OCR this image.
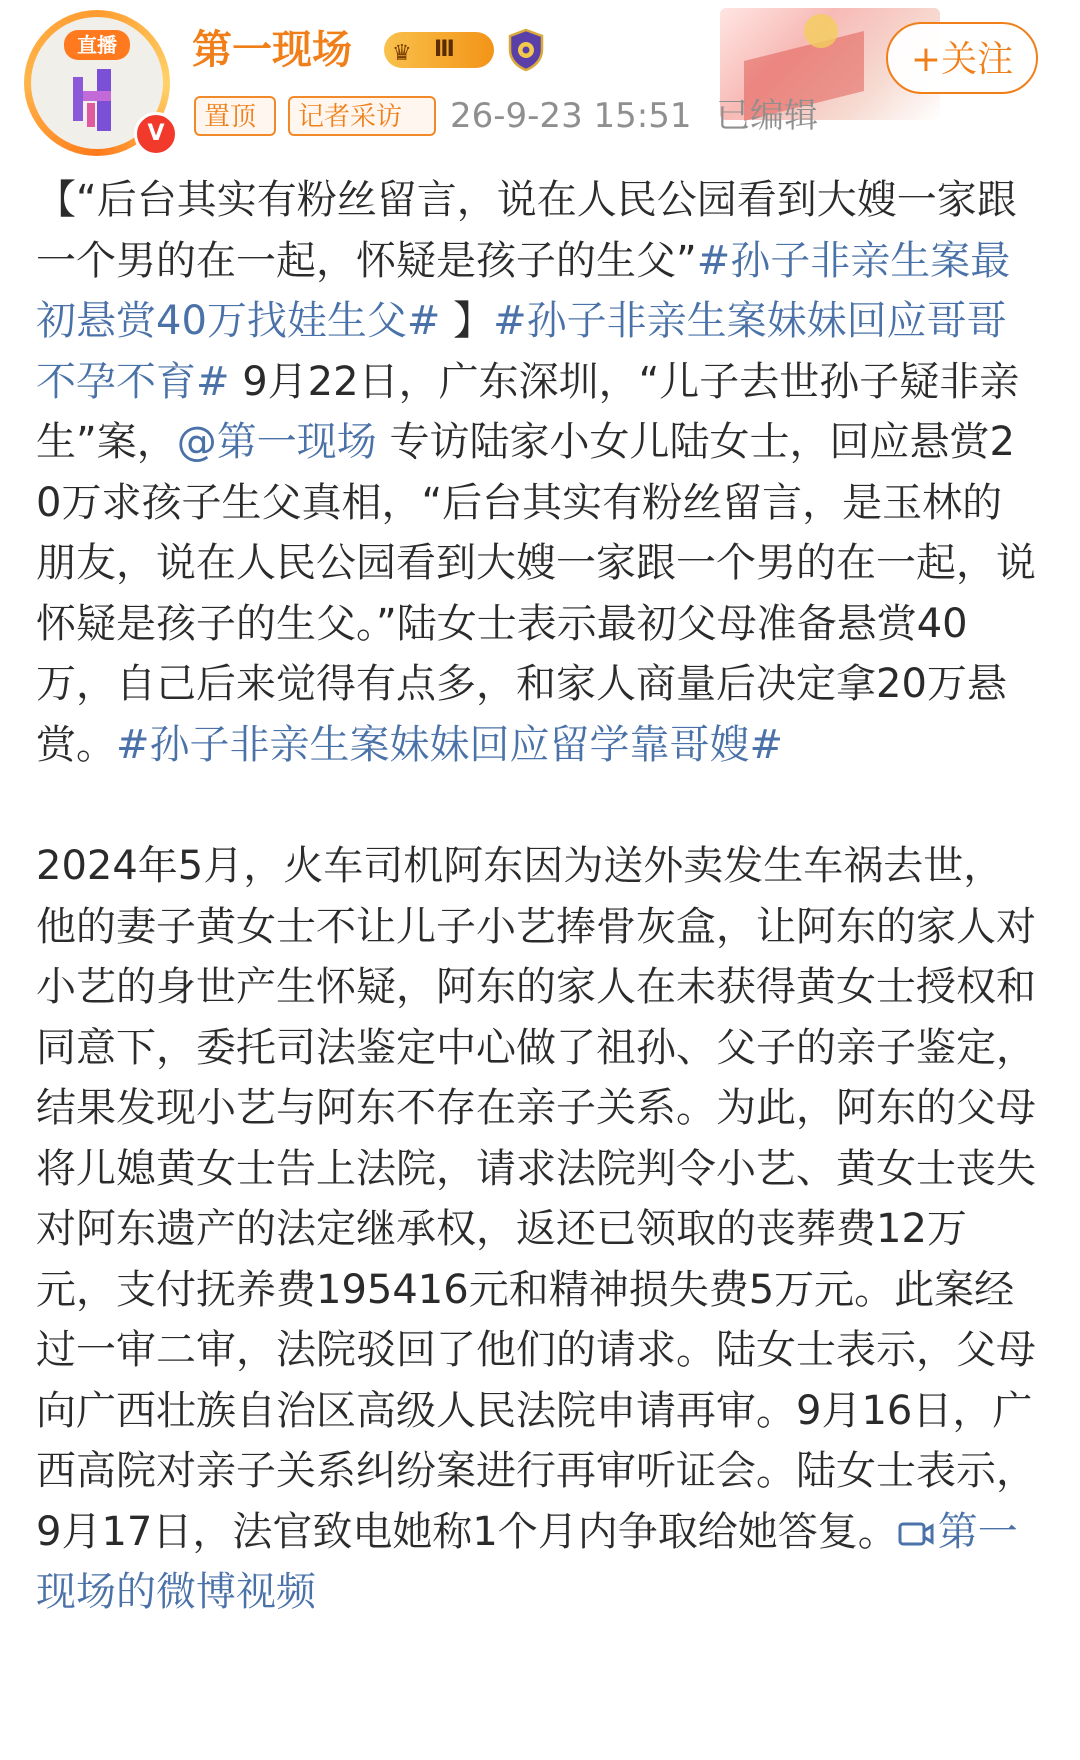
直播
V
第一现场 ♛ Ⅲ	+关注
置顶	记者采访	26-9-23 15:51 已编辑

【“后台其实有粉丝留言，说在人民公园看到大嫂一家跟一个男的在一起，怀疑是孩子的生父”#孙子非亲生案最初悬赏40万找娃生父# 】#孙子非亲生案妹妹回应哥哥不孕不育# 9月22日，广东深圳，“儿子去世孙子疑非亲生”案，@第一现场 专访陆家小女儿陆女士，回应悬赏20万求孩子生父真相，“后台其实有粉丝留言，是玉林的朋友，说在人民公园看到大嫂一家跟一个男的在一起，说怀疑是孩子的生父。”陆女士表示最初父母准备悬赏40万，自己后来觉得有点多，和家人商量后决定拿20万悬赏。#孙子非亲生案妹妹回应留学靠哥嫂#

2024年5月，火车司机阿东因为送外卖发生车祸去世，他的妻子黄女士不让儿子小艺捧骨灰盒，让阿东的家人对小艺的身世产生怀疑，阿东的家人在未获得黄女士授权和同意下，委托司法鉴定中心做了祖孙、父子的亲子鉴定，结果发现小艺与阿东不存在亲子关系。为此，阿东的父母将儿媳黄女士告上法院，请求法院判令小艺、黄女士丧失对阿东遗产的法定继承权，返还已领取的丧葬费12万元，支付抚养费195416元和精神损失费5万元。此案经过一审二审，法院驳回了他们的请求。陆女士表示，父母向广西壮族自治区高级人民法院申请再审。9月16日，广西高院对亲子关系纠纷案进行再审听证会。陆女士表示，9月17日，法官致电她称1个月内争取给她答复。 第一现场的微博视频
